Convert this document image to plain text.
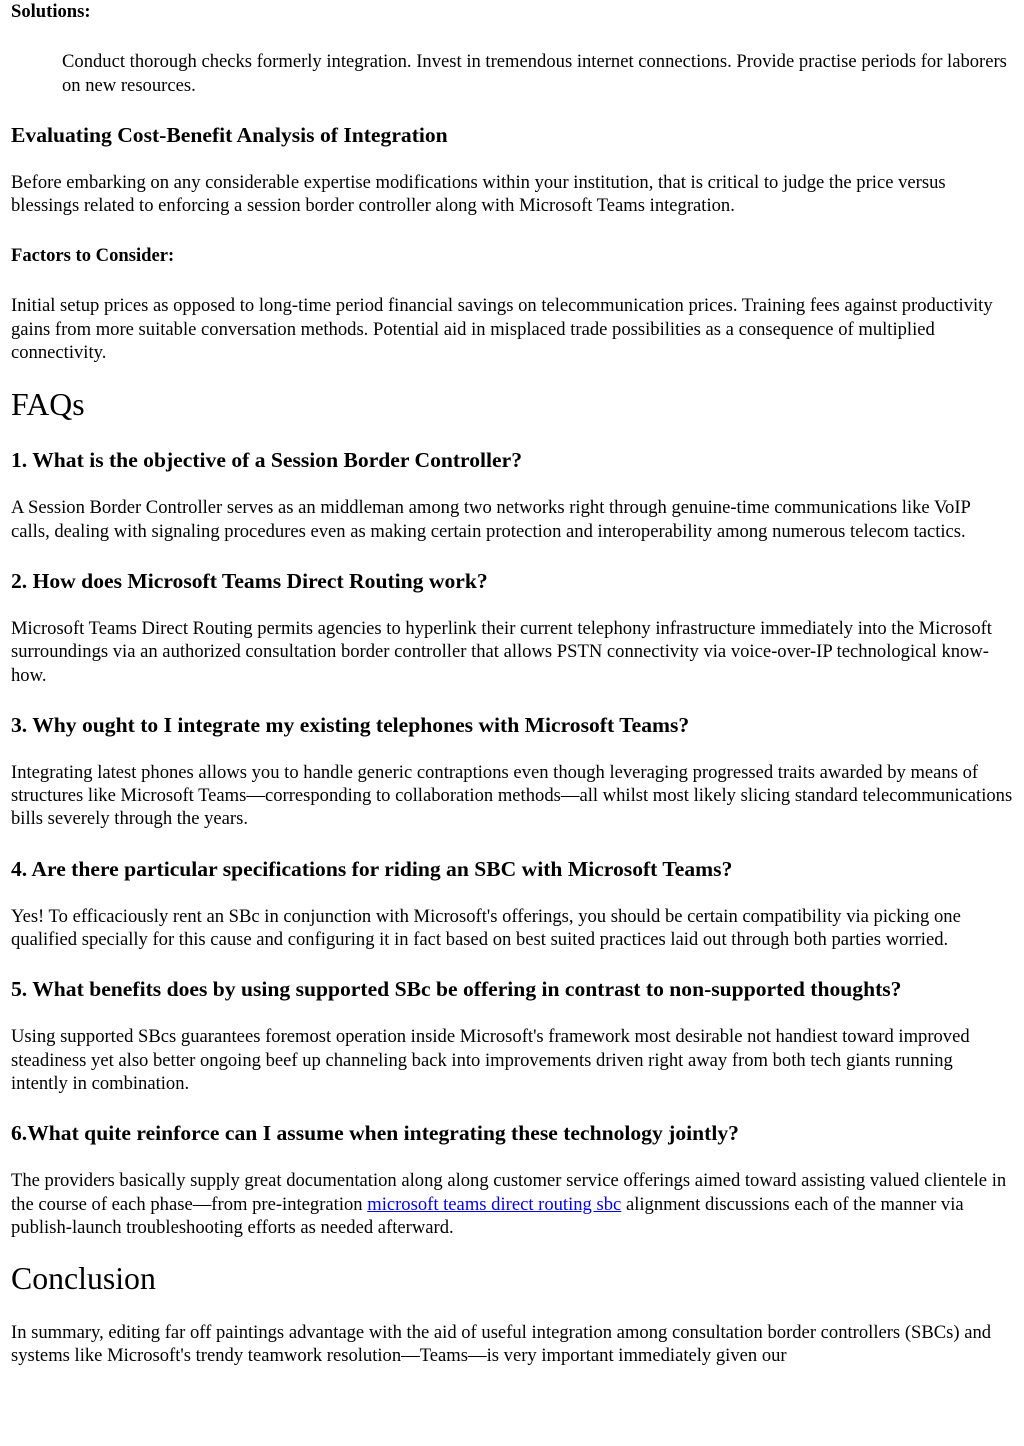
Solutions:

Conduct thorough checks formerly integration. Invest in tremendous internet connections. Provide practise periods for laborers on new resources.

Evaluating Cost-Benefit Analysis of Integration

Before embarking on any considerable expertise modifications within your institution, that is critical to judge the price versus blessings related to enforcing a session border controller along with Microsoft Teams integration.

Factors to Consider:

Initial setup prices as opposed to long-time period financial savings on telecommunication prices. Training fees against productivity gains from more suitable conversation methods. Potential aid in misplaced trade possibilities as a consequence of multiplied connectivity.

FAQs
1. What is the objective of a Session Border Controller?

A Session Border Controller serves as an middleman among two networks right through genuine-time communications like VoIP calls, dealing with signaling procedures even as making certain protection and interoperability among numerous telecom tactics.

2. How does Microsoft Teams Direct Routing work?

Microsoft Teams Direct Routing permits agencies to hyperlink their current telephony infrastructure immediately into the Microsoft surroundings via an authorized consultation border controller that allows PSTN connectivity via voice-over-IP technological know-how.

3. Why ought to I integrate my existing telephones with Microsoft Teams?

Integrating latest phones allows you to handle generic contraptions even though leveraging progressed traits awarded by means of structures like Microsoft Teams—corresponding to collaboration methods—all whilst most likely slicing standard telecommunications bills severely through the years.

4. Are there particular specifications for riding an SBC with Microsoft Teams?

Yes! To efficaciously rent an SBc in conjunction with Microsoft's offerings, you should be certain compatibility via picking one qualified specially for this cause and configuring it in fact based on best suited practices laid out through both parties worried.

5. What benefits does by using supported SBc be offering in contrast to non-supported thoughts?

Using supported SBcs guarantees foremost operation inside Microsoft's framework most desirable not handiest toward improved steadiness yet also better ongoing beef up channeling back into improvements driven right away from both tech giants running intently in combination.

6.What quite reinforce can I assume when integrating these technology jointly?

The providers basically supply great documentation along along customer service offerings aimed toward assisting valued clientele in the course of each phase—from pre-integration microsoft teams direct routing sbc alignment discussions each of the manner via publish-launch troubleshooting efforts as needed afterward.

Conclusion

In summary, editing far off paintings advantage with the aid of useful integration among consultation border controllers (SBCs) and systems like Microsoft's trendy teamwork resolution—Teams—is very important immediately given our
